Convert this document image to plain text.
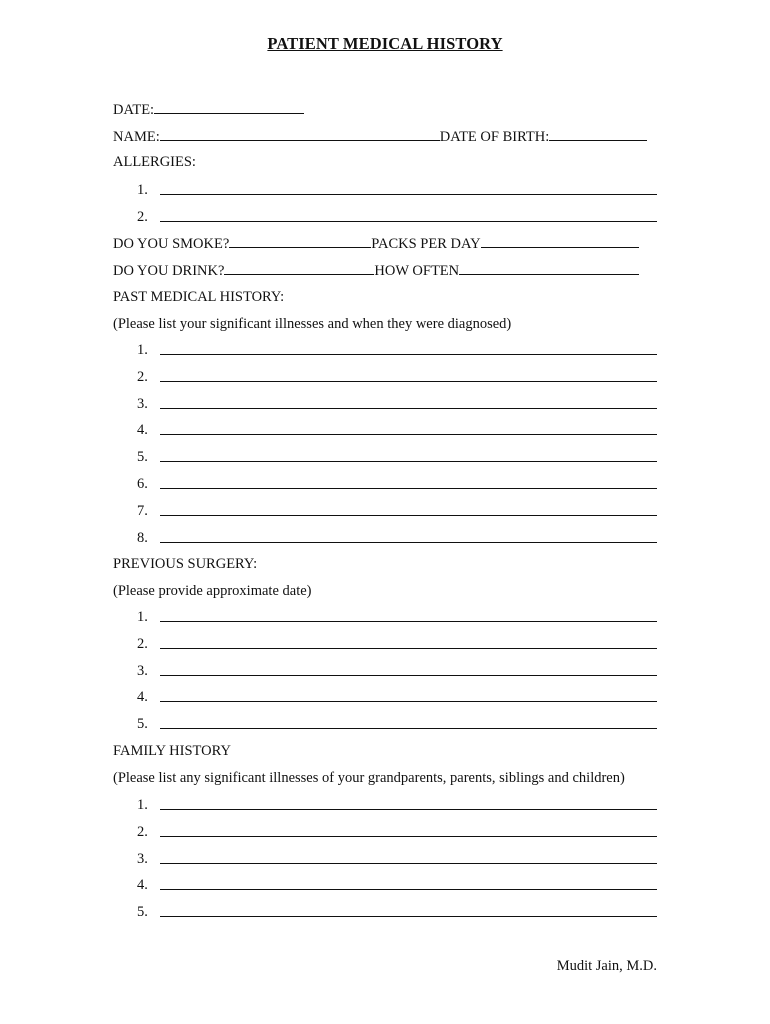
PATIENT MEDICAL HISTORY
DATE:
NAME:	DATE OF BIRTH:
ALLERGIES:
1.
2.
DO YOU SMOKE?	PACKS PER DAY
DO YOU DRINK?	HOW OFTEN
PAST MEDICAL HISTORY:
(Please list your significant illnesses and when they were diagnosed)
1.
2.
3.
4.
5.
6.
7.
8.
PREVIOUS SURGERY:
(Please provide approximate date)
1.
2.
3.
4.
5.
FAMILY HISTORY
(Please list any significant illnesses of your grandparents, parents, siblings and children)
1.
2.
3.
4.
5.
Mudit Jain, M.D.
